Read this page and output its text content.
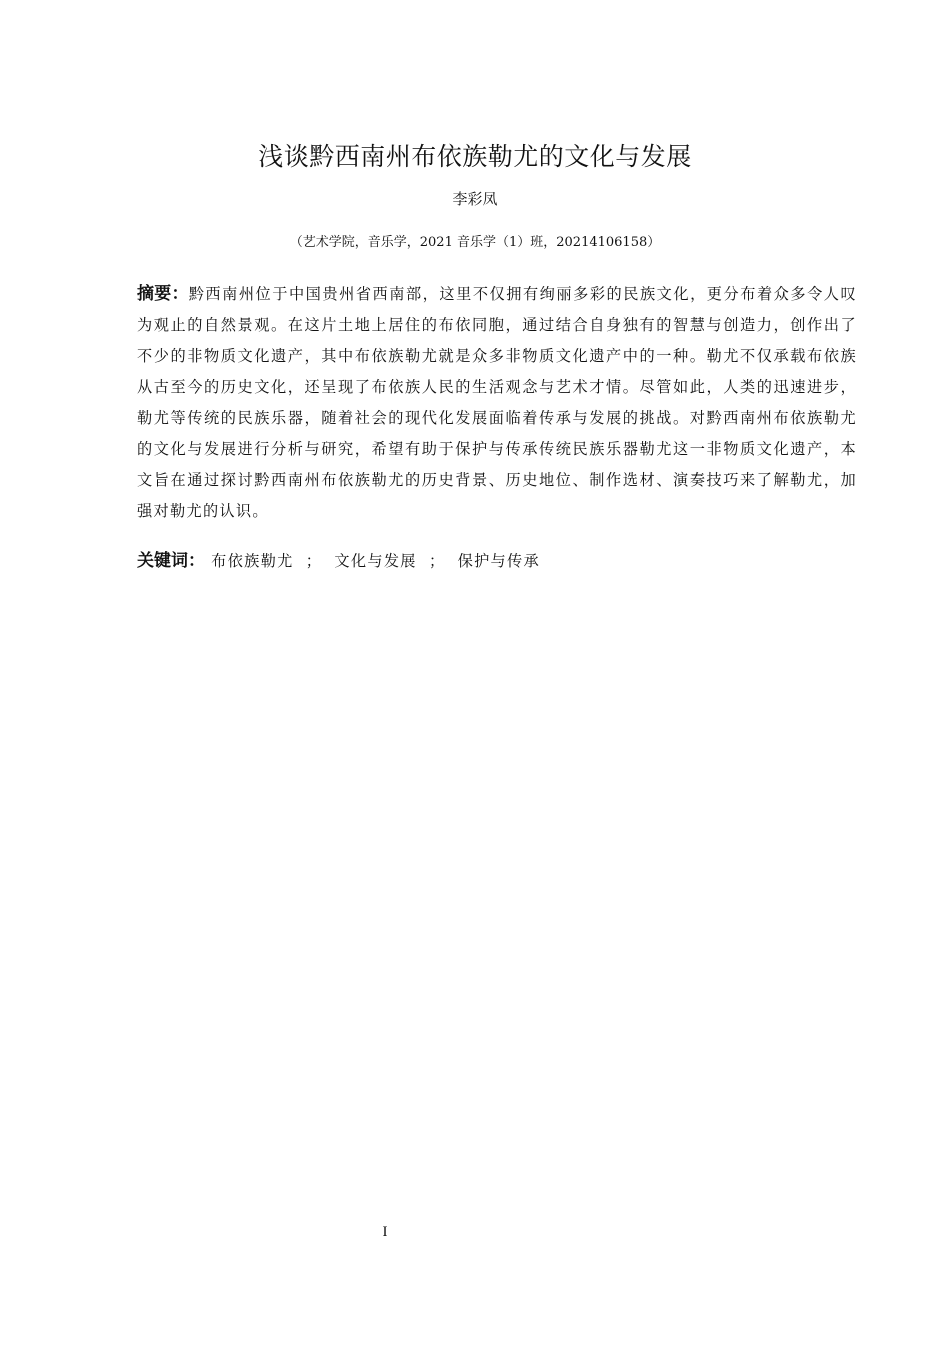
浅谈黔西南州布依族勒尤的文化与发展
李彩凤
（艺术学院，音乐学，2021 音乐学（1）班，20214106158）
摘要：黔西南州位于中国贵州省西南部，这里不仅拥有绚丽多彩的民族文化，更分布着众多令人叹为观止的自然景观。在这片土地上居住的布依同胞，通过结合自身独有的智慧与创造力，创作出了不少的非物质文化遗产，其中布依族勒尤就是众多非物质文化遗产中的一种。勒尤不仅承载布依族从古至今的历史文化，还呈现了布依族人民的生活观念与艺术才情。尽管如此，人类的迅速进步，勒尤等传统的民族乐器，随着社会的现代化发展面临着传承与发展的挑战。对黔西南州布依族勒尤的文化与发展进行分析与研究，希望有助于保护与传承传统民族乐器勒尤这一非物质文化遗产，本文旨在通过探讨黔西南州布依族勒尤的历史背景、历史地位、制作选材、演奏技巧来了解勒尤，加强对勒尤的认识。
关键词： 布依族勒尤 ； 文化与发展 ； 保护与传承
I
